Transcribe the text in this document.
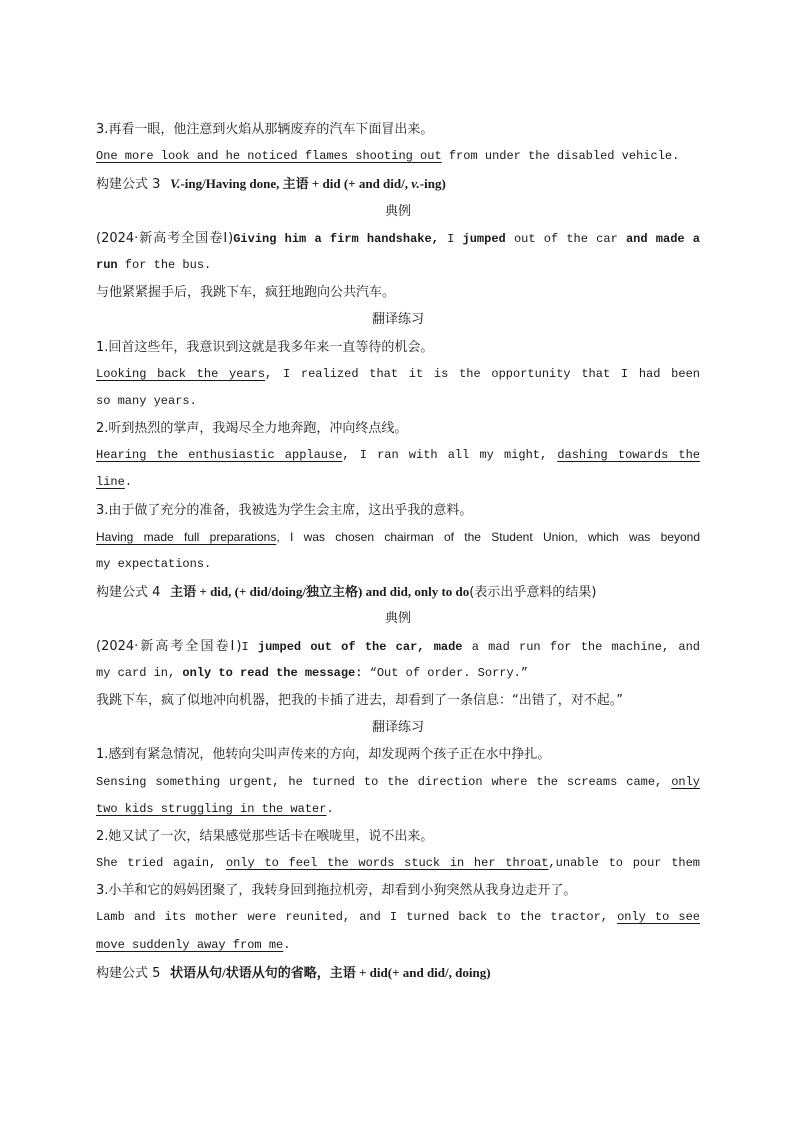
3.再看一眼，他注意到火焰从那辆废弃的汽车下面冒出来。
One more look and he noticed flames shooting out from under the disabled vehicle.
构建公式 3 V.-ing/Having done, 主语 + did (+ and did/, v.-ing)
典例
(2024·新高考全国卷Ⅰ)Giving him a firm handshake, I jumped out of the car and made a
run for the bus.
与他紧紧握手后，我跳下车，疯狂地跑向公共汽车。
翻译练习
1.回首这些年，我意识到这就是我多年来一直等待的机会。
Looking back the years, I realized that it is the opportunity that I had been
so many years.
2.听到热烈的掌声，我竭尽全力地奔跑，冲向终点线。
Hearing the enthusiastic applause, I ran with all my might, dashing towards the
line.
3.由于做了充分的准备，我被选为学生会主席，这出乎我的意料。
Having made full preparations, I was chosen chairman of the Student Union, which was beyond
my expectations.
构建公式 4 主语 + did, (+ did/doing/独立主格) and did, only to do(表示出乎意料的结果)
典例
(2024·新高考全国卷Ⅰ)I jumped out of the car, made a mad run for the machine, and
my card in, only to read the message: “Out of order. Sorry.”
我跳下车，疯了似地冲向机器，把我的卡插了进去，却看到了一条信息：“出错了，对不起。”
翻译练习
1.感到有紧急情况，他转向尖叫声传来的方向，却发现两个孩子正在水中挣扎。
Sensing something urgent, he turned to the direction where the screams came, only
two kids struggling in the water.
2.她又试了一次，结果感觉那些话卡在喉咙里，说不出来。
She tried again, only to feel the words stuck in her throat,unable to pour them
3.小羊和它的妈妈团聚了，我转身回到拖拉机旁，却看到小狗突然从我身边走开了。
Lamb and its mother were reunited, and I turned back to the tractor, only to see
move suddenly away from me.
构建公式 5 状语从句/状语从句的省略，主语 + did(+ and did/, doing)
